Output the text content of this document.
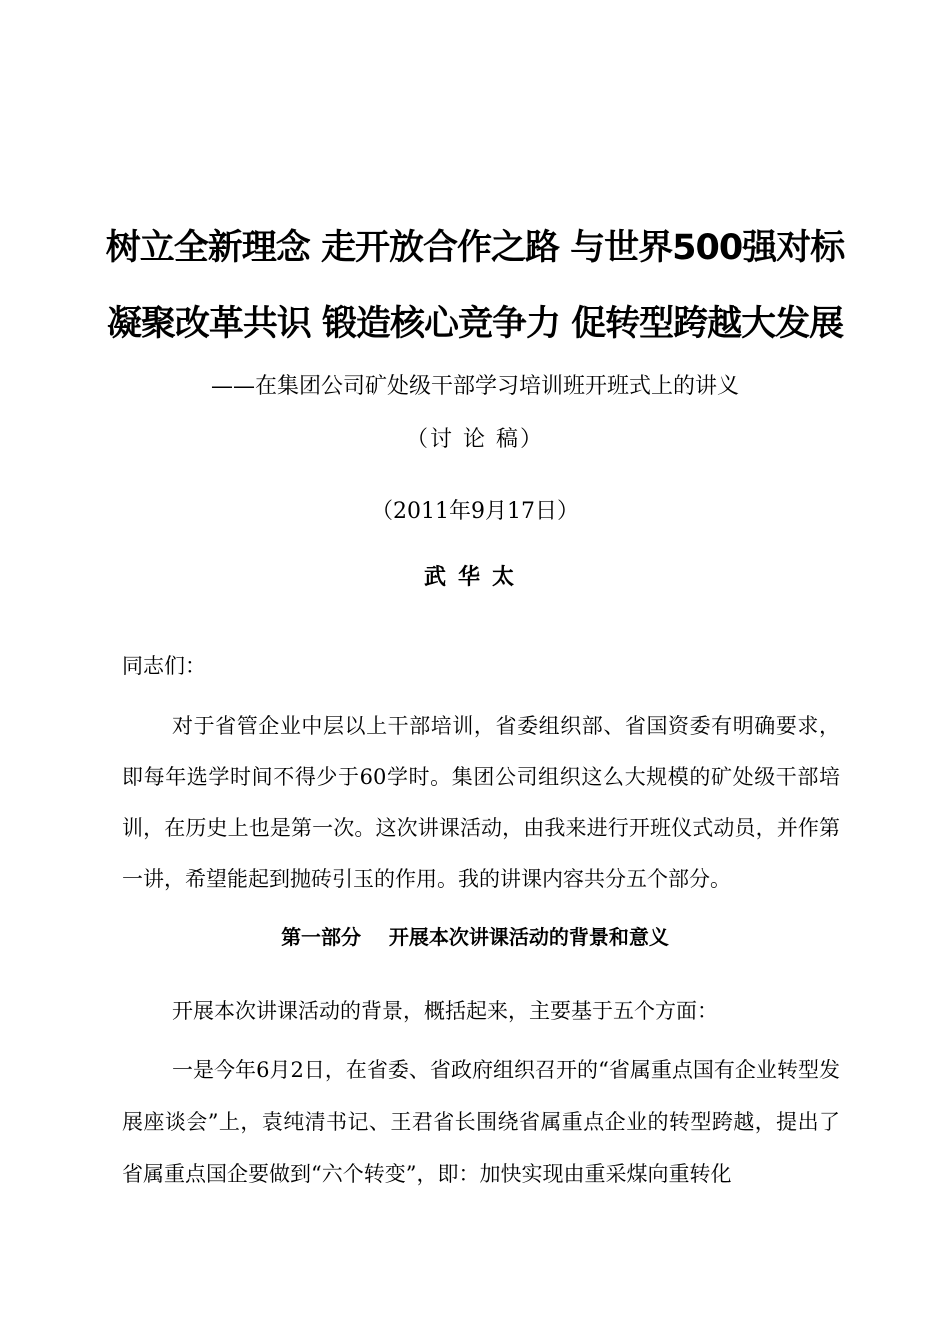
树立全新理念 走开放合作之路 与世界500强对标
凝聚改革共识 锻造核心竞争力 促转型跨越大发展
——在集团公司矿处级干部学习培训班开班式上的讲义
（讨 论 稿）
（2011年9月17日）
武华太
同志们：
对于省管企业中层以上干部培训，省委组织部、省国资委有明确要求，即每年选学时间不得少于60学时。集团公司组织这么大规模的矿处级干部培训，在历史上也是第一次。这次讲课活动，由我来进行开班仪式动员，并作第一讲，希望能起到抛砖引玉的作用。我的讲课内容共分五个部分。
第一部分    开展本次讲课活动的背景和意义
开展本次讲课活动的背景，概括起来，主要基于五个方面：
一是今年6月2日，在省委、省政府组织召开的“省属重点国有企业转型发展座谈会”上，袁纯清书记、王君省长围绕省属重点企业的转型跨越，提出了省属重点国企要做到“六个转变”，即：加快实现由重采煤向重转化
